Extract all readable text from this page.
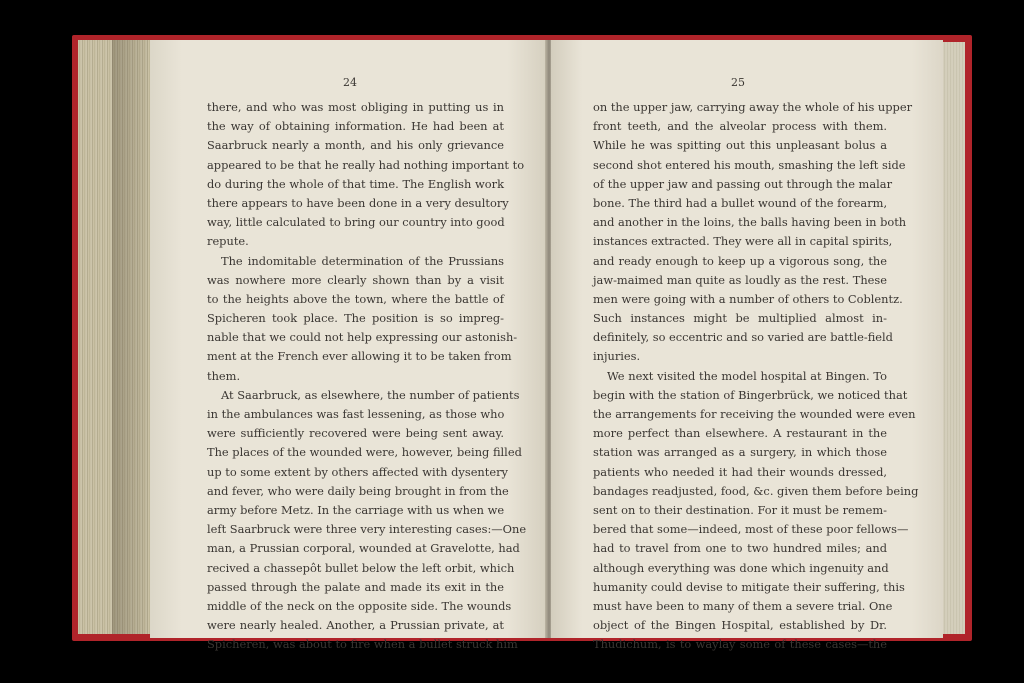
24
there, and who was most obliging in putting us in
the way of obtaining information. He had been at
Saarbruck nearly a month, and his only grievance
appeared to be that he really had nothing important to
do during the whole of that time. The English work
there appears to have been done in a very desultory
way, little calculated to bring our country into good
repute.
The indomitable determination of the Prussians
was nowhere more clearly shown than by a visit
to the heights above the town, where the battle of
Spicheren took place. The position is so impreg-
nable that we could not help expressing our astonish-
ment at the French ever allowing it to be taken from
them.
At Saarbruck, as elsewhere, the number of patients
in the ambulances was fast lessening, as those who
were sufficiently recovered were being sent away.
The places of the wounded were, however, being filled
up to some extent by others affected with dysentery
and fever, who were daily being brought in from the
army before Metz. In the carriage with us when we
left Saarbruck were three very interesting cases:—One
man, a Prussian corporal, wounded at Gravelotte, had
recived a chassepôt bullet below the left orbit, which
passed through the palate and made its exit in the
middle of the neck on the opposite side. The wounds
were nearly healed. Another, a Prussian private, at
Spicheren, was about to fire when a bullet struck him
25
on the upper jaw, carrying away the whole of his upper
front teeth, and the alveolar process with them.
While he was spitting out this unpleasant bolus a
second shot entered his mouth, smashing the left side
of the upper jaw and passing out through the malar
bone. The third had a bullet wound of the forearm,
and another in the loins, the balls having been in both
instances extracted. They were all in capital spirits,
and ready enough to keep up a vigorous song, the
jaw-maimed man quite as loudly as the rest. These
men were going with a number of others to Coblentz.
Such instances might be multiplied almost in-
definitely, so eccentric and so varied are battle-field
injuries.
We next visited the model hospital at Bingen. To
begin with the station of Bingerbrück, we noticed that
the arrangements for receiving the wounded were even
more perfect than elsewhere. A restaurant in the
station was arranged as a surgery, in which those
patients who needed it had their wounds dressed,
bandages readjusted, food, &c. given them before being
sent on to their destination. For it must be remem-
bered that some—indeed, most of these poor fellows—
had to travel from one to two hundred miles; and
although everything was done which ingenuity and
humanity could devise to mitigate their suffering, this
must have been to many of them a severe trial. One
object of the Bingen Hospital, established by Dr.
Thudichum, is to waylay some of these cases—the
